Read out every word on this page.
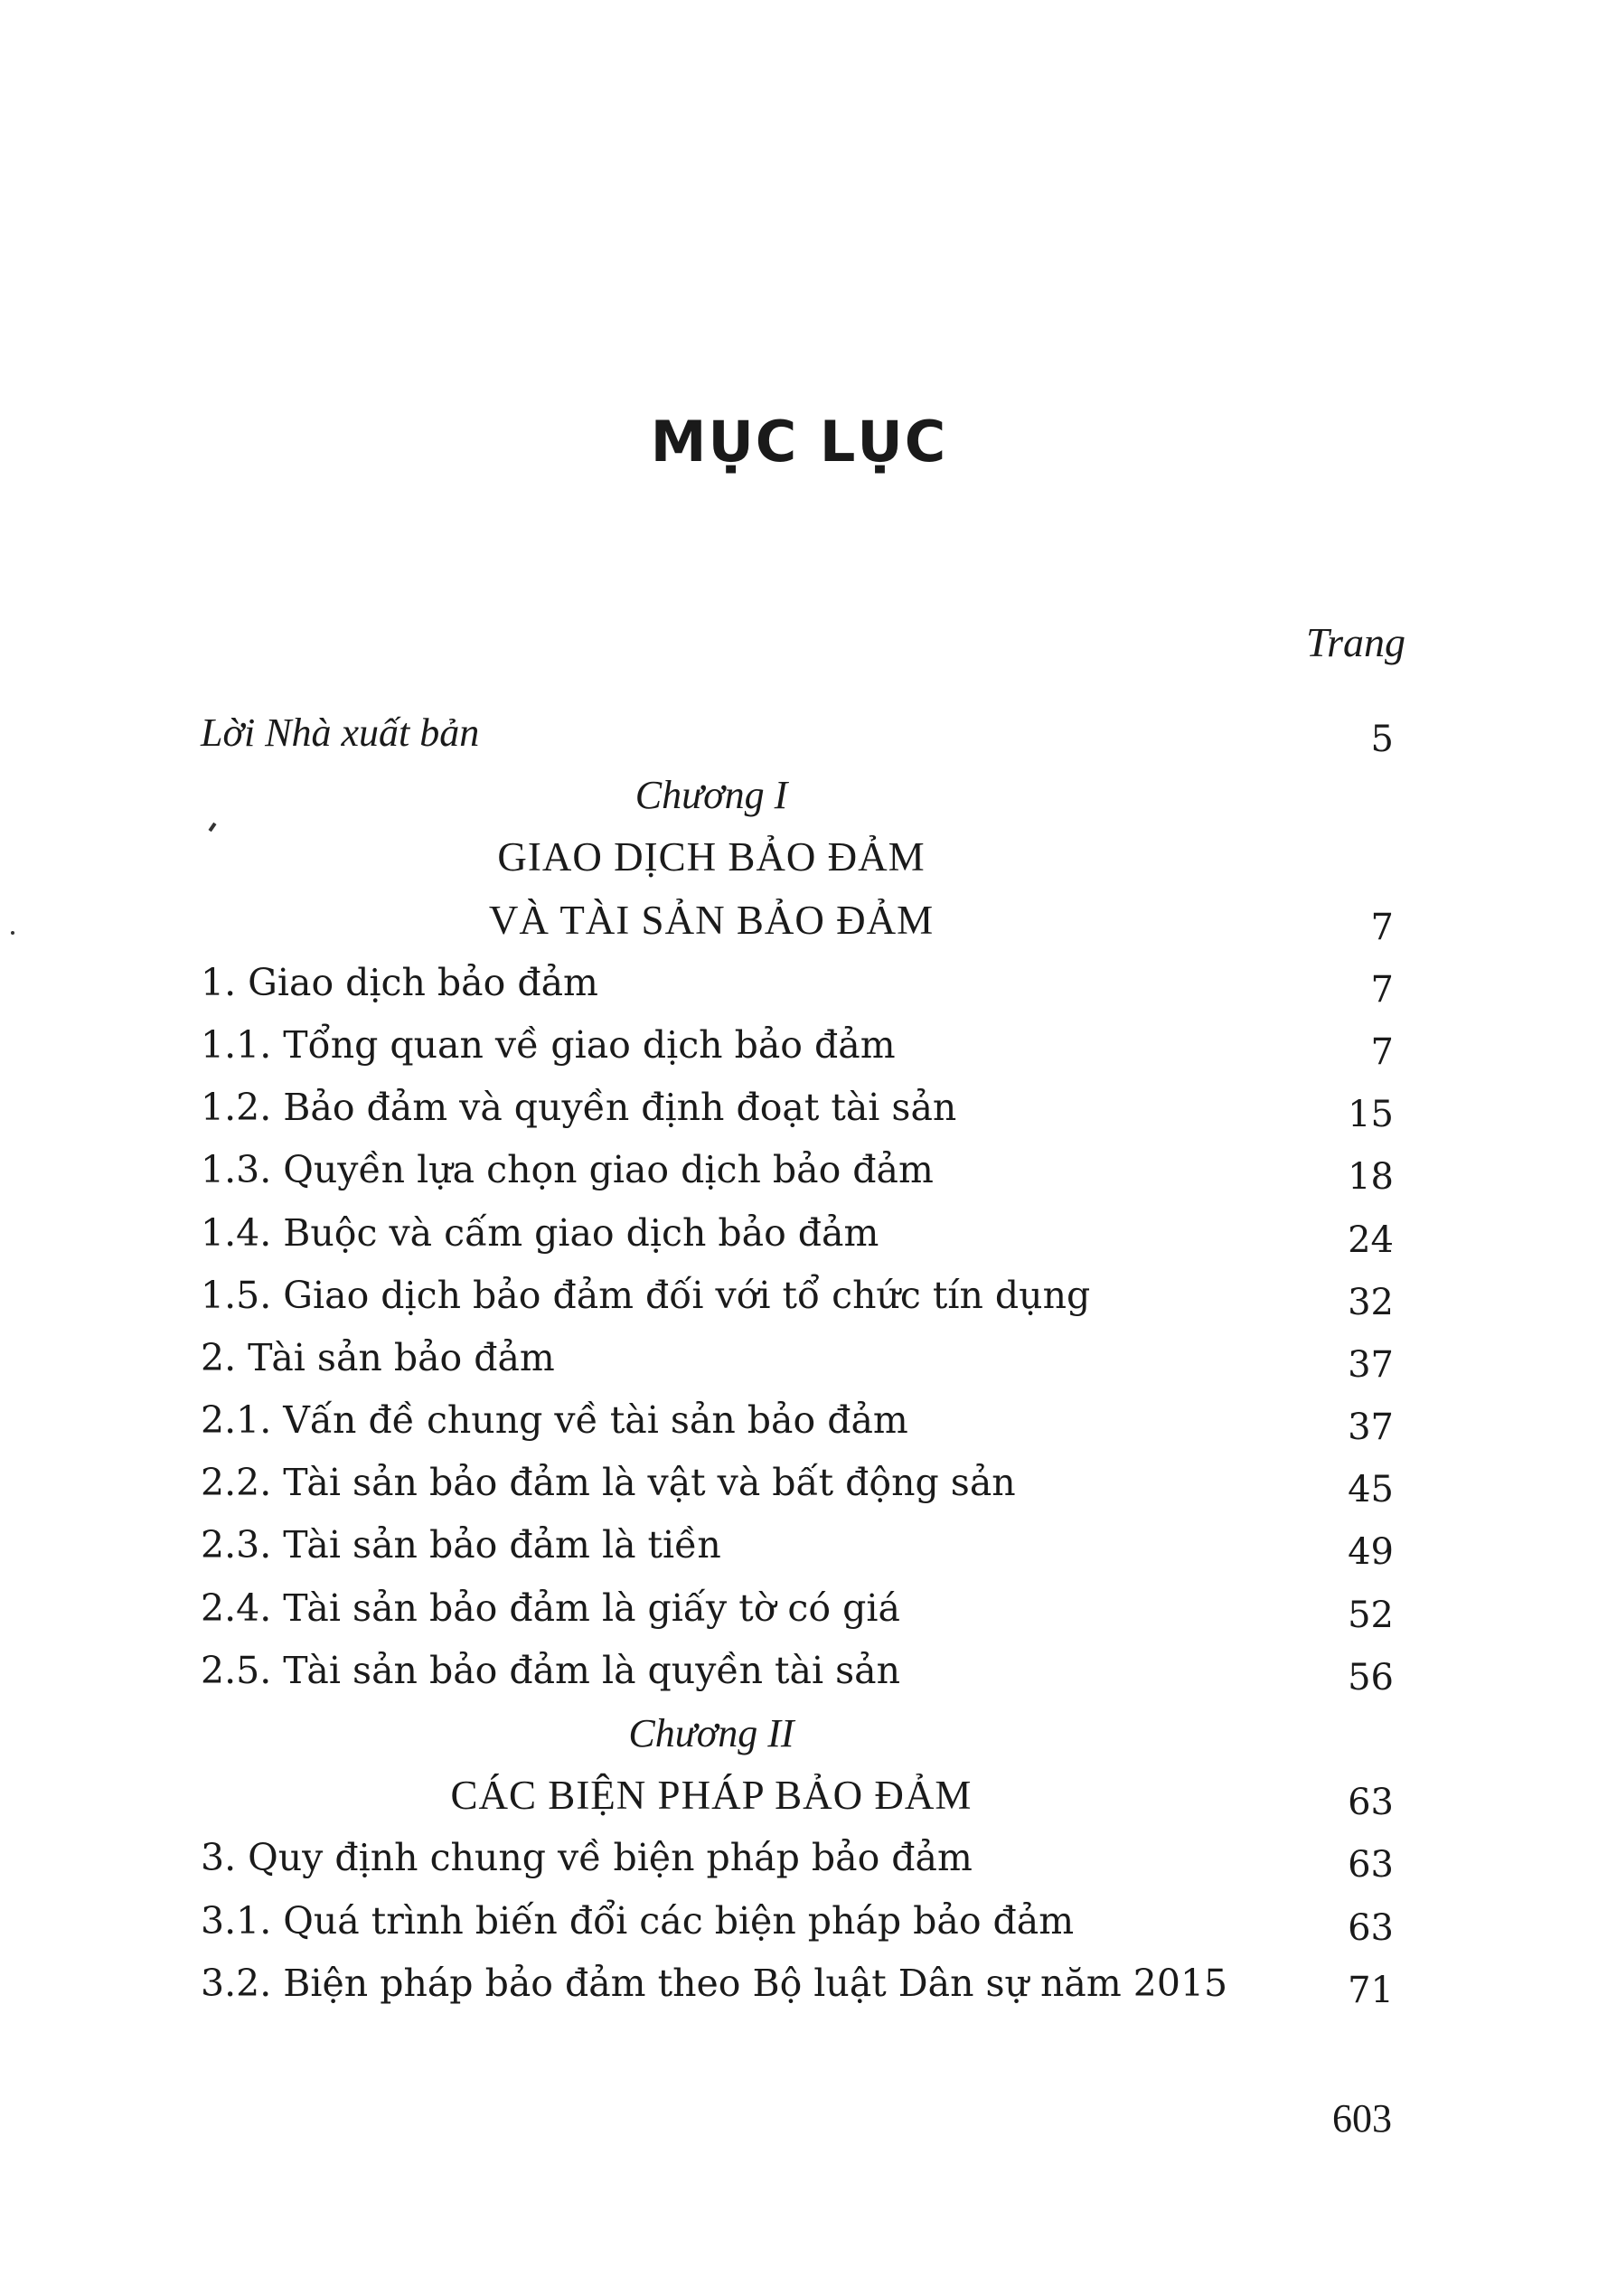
MỤC LỤC
Trang
Lời Nhà xuất bản	5
Chương I
GIAO DỊCH BẢO ĐẢM
VÀ TÀI SẢN BẢO ĐẢM	7
1. Giao dịch bảo đảm	7
1.1. Tổng quan về giao dịch bảo đảm	7
1.2. Bảo đảm và quyền định đoạt tài sản	15
1.3. Quyền lựa chọn giao dịch bảo đảm	18
1.4. Buộc và cấm giao dịch bảo đảm	24
1.5. Giao dịch bảo đảm đối với tổ chức tín dụng	32
2. Tài sản bảo đảm	37
2.1. Vấn đề chung về tài sản bảo đảm	37
2.2. Tài sản bảo đảm là vật và bất động sản	45
2.3. Tài sản bảo đảm là tiền	49
2.4. Tài sản bảo đảm là giấy tờ có giá	52
2.5. Tài sản bảo đảm là quyền tài sản	56
Chương II
CÁC BIỆN PHÁP BẢO ĐẢM	63
3. Quy định chung về biện pháp bảo đảm	63
3.1. Quá trình biến đổi các biện pháp bảo đảm	63
3.2. Biện pháp bảo đảm theo Bộ luật Dân sự năm 2015	71
603
